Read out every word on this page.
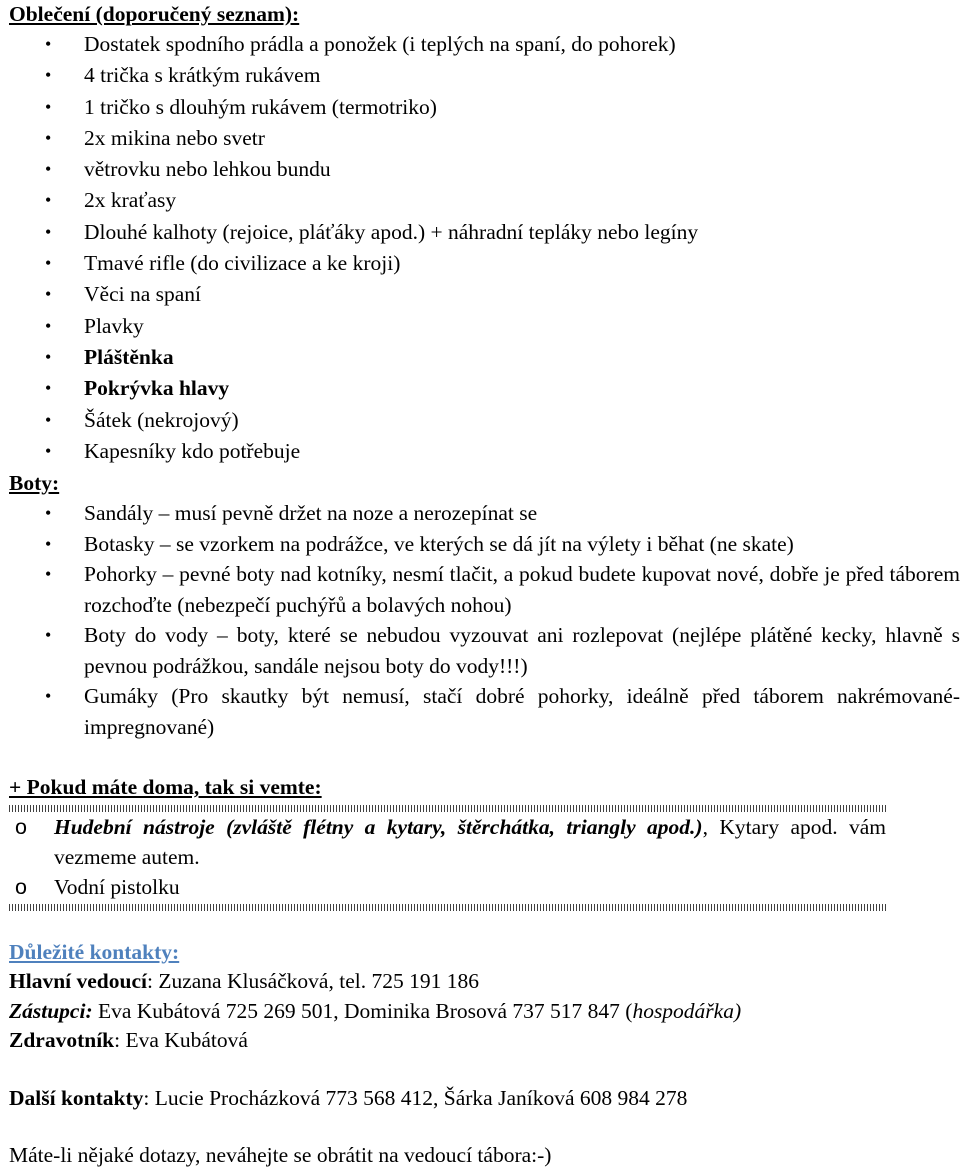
Oblečení (doporučený seznam):
• Dostatek spodního prádla a ponožek (i teplých na spaní, do pohorek)
• 4 trička s krátkým rukávem
• 1 tričko s dlouhým rukávem (termotriko)
• 2x mikina nebo svetr
• větrovku nebo lehkou bundu
• 2x kraťasy
• Dlouhé kalhoty (rejoice, pláťáky apod.) + náhradní tepláky nebo legíny
• Tmavé rifle (do civilizace a ke kroji)
• Věci na spaní
• Plavky
• Pláštěnka
• Pokrývka hlavy
• Šátek (nekrojový)
• Kapesníky kdo potřebuje
Boty:
• Sandály – musí pevně držet na noze a nerozepínat se
• Botasky – se vzorkem na podrážce, ve kterých se dá jít na výlety i běhat (ne skate)
• Pohorky – pevné boty nad kotníky, nesmí tlačit, a pokud budete kupovat nové, dobře je před táborem rozchoďte (nebezpečí puchýřů a bolavých nohou)
• Boty do vody – boty, které se nebudou vyzouvat ani rozlepovat (nejlépe plátěné kecky, hlavně s pevnou podrážkou, sandále nejsou boty do vody!!!)
• Gumáky (Pro skautky být nemusí, stačí dobré pohorky, ideálně před táborem nakrémované-impregnované)
+ Pokud máte doma, tak si vemte:
o Hudební nástroje (zvláště flétny a kytary, štěrchátka, triangly apod.), Kytary apod. vám vezmeme autem.
o Vodní pistolku
Důležité kontakty:
Hlavní vedoucí: Zuzana Klusáčková, tel. 725 191 186
Zástupci: Eva Kubátová 725 269 501, Dominika Brosová 737 517 847 (hospodářka)
Zdravotník: Eva Kubátová
Další kontakty: Lucie Procházková 773 568 412, Šárka Janíková 608 984 278
Máte-li nějaké dotazy, neváhejte se obrátit na vedoucí tábora:-)
